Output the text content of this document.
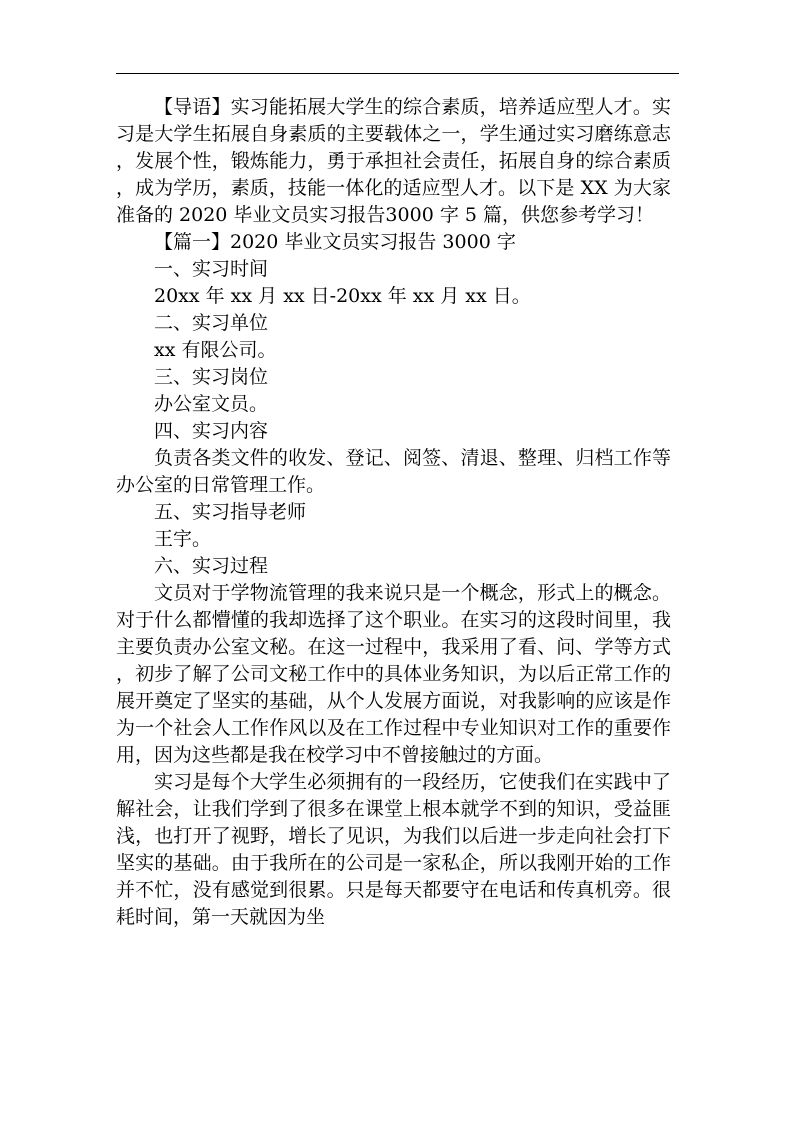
【导语】实习能拓展大学生的综合素质，培养适应型人才。实习是大学生拓展自身素质的主要载体之一，学生通过实习磨练意志，发展个性，锻炼能力，勇于承担社会责任，拓展自身的综合素质，成为学历，素质，技能一体化的适应型人才。以下是 XX 为大家准备的 2020 毕业文员实习报告3000 字 5 篇，供您参考学习！

【篇一】2020 毕业文员实习报告 3000 字

一、实习时间

20xx 年 xx 月 xx 日-20xx 年 xx 月 xx 日。

二、实习单位

xx 有限公司。

三、实习岗位

办公室文员。

四、实习内容

负责各类文件的收发、登记、阅签、清退、整理、归档工作等办公室的日常管理工作。

五、实习指导老师

王宇。

六、实习过程

文员对于学物流管理的我来说只是一个概念，形式上的概念。对于什么都懵懂的我却选择了这个职业。在实习的这段时间里，我主要负责办公室文秘。在这一过程中，我采用了看、问、学等方式，初步了解了公司文秘工作中的具体业务知识，为以后正常工作的展开奠定了坚实的基础，从个人发展方面说，对我影响的应该是作为一个社会人工作作风以及在工作过程中专业知识对工作的重要作用，因为这些都是我在校学习中不曾接触过的方面。

实习是每个大学生必须拥有的一段经历，它使我们在实践中了解社会，让我们学到了很多在课堂上根本就学不到的知识，受益匪浅，也打开了视野，增长了见识，为我们以后进一步走向社会打下坚实的基础。由于我所在的公司是一家私企，所以我刚开始的工作并不忙，没有感觉到很累。只是每天都要守在电话和传真机旁。很耗时间，第一天就因为坐
